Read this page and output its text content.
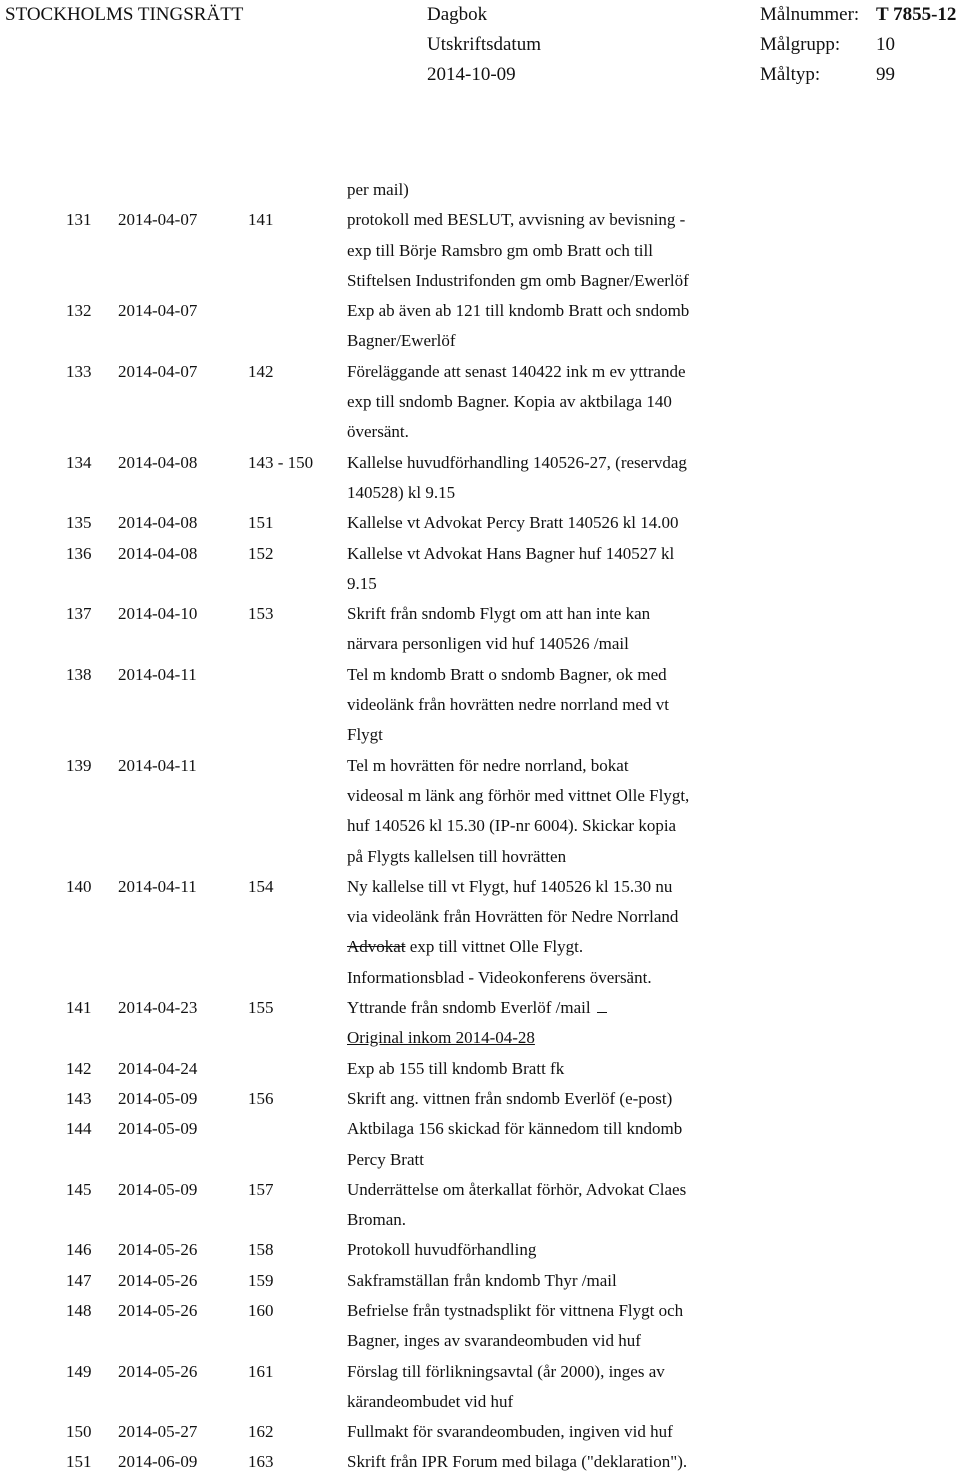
STOCKHOLMS TINGSRÄTT	Dagbok
Utskriftsdatum
2014-10-09
Målnummer: T 7855-12
Målgrupp: 10
Måltyp:	99
per mail)
131 2014-04-07	141	protokoll med BESLUT, avvisning av bevisning -
exp till Börje Ramsbro gm omb Bratt och till
Stiftelsen Industrifonden gm omb Bagner/Ewerlöf
132 2014-04-07	Exp ab även ab 121 till kndomb Bratt och sndomb
Bagner/Ewerlöf
133 2014-04-07	142	Föreläggande att senast 140422 ink m ev yttrande
exp till sndomb Bagner. Kopia av aktbilaga 140
översänt.
134 2014-04-08	143 - 150 Kallelse huvudförhandling 140526-27, (reservdag
140528) kl 9.15
135 2014-04-08	151	Kallelse vt Advokat Percy Bratt 140526 kl 14.00
136 2014-04-08	152	Kallelse vt Advokat Hans Bagner huf 140527 kl
9.15
137 2014-04-10	153	Skrift från sndomb Flygt om att han inte kan
närvara personligen vid huf 140526 /mail
138 2014-04-11	Tel m kndomb Bratt o sndomb Bagner, ok med
videolänk från hovrätten nedre norrland med vt
Flygt
139 2014-04-11	Tel m hovrätten för nedre norrland, bokat
videosal m länk ang förhör med vittnet Olle Flygt,
huf 140526 kl 15.30 (IP-nr 6004). Skickar kopia
på Flygts kallelsen till hovrätten
140 2014-04-11	154	Ny kallelse till vt Flygt, huf 140526 kl 15.30 nu
via videolänk från Hovrätten för Nedre Norrland
Advokat exp till vittnet Olle Flygt.
Informationsblad - Videokonferens översänt.
141 2014-04-23	155	Yttrande från sndomb Everlöf /mail
Original inkom 2014-04-28
142 2014-04-24	Exp ab 155 till kndomb Bratt fk
143 2014-05-09	156	Skrift ang. vittnen från sndomb Everlöf (e-post)
144 2014-05-09	Aktbilaga 156 skickad för kännedom till kndomb
Percy Bratt
145 2014-05-09	157	Underrättelse om återkallat förhör, Advokat Claes
Broman.
146 2014-05-26	158	Protokoll huvudförhandling
147 2014-05-26	159	Sakframställan från kndomb Thyr /mail
148 2014-05-26	160	Befrielse från tystnadsplikt för vittnena Flygt och
Bagner, inges av svarandeombuden vid huf
149 2014-05-26	161	Förslag till förlikningsavtal (år 2000), inges av
kärandeombudet vid huf
150 2014-05-27	162	Fullmakt för svarandeombuden, ingiven vid huf
151 2014-06-09	163	Skrift från IPR Forum med bilaga ("deklaration").
